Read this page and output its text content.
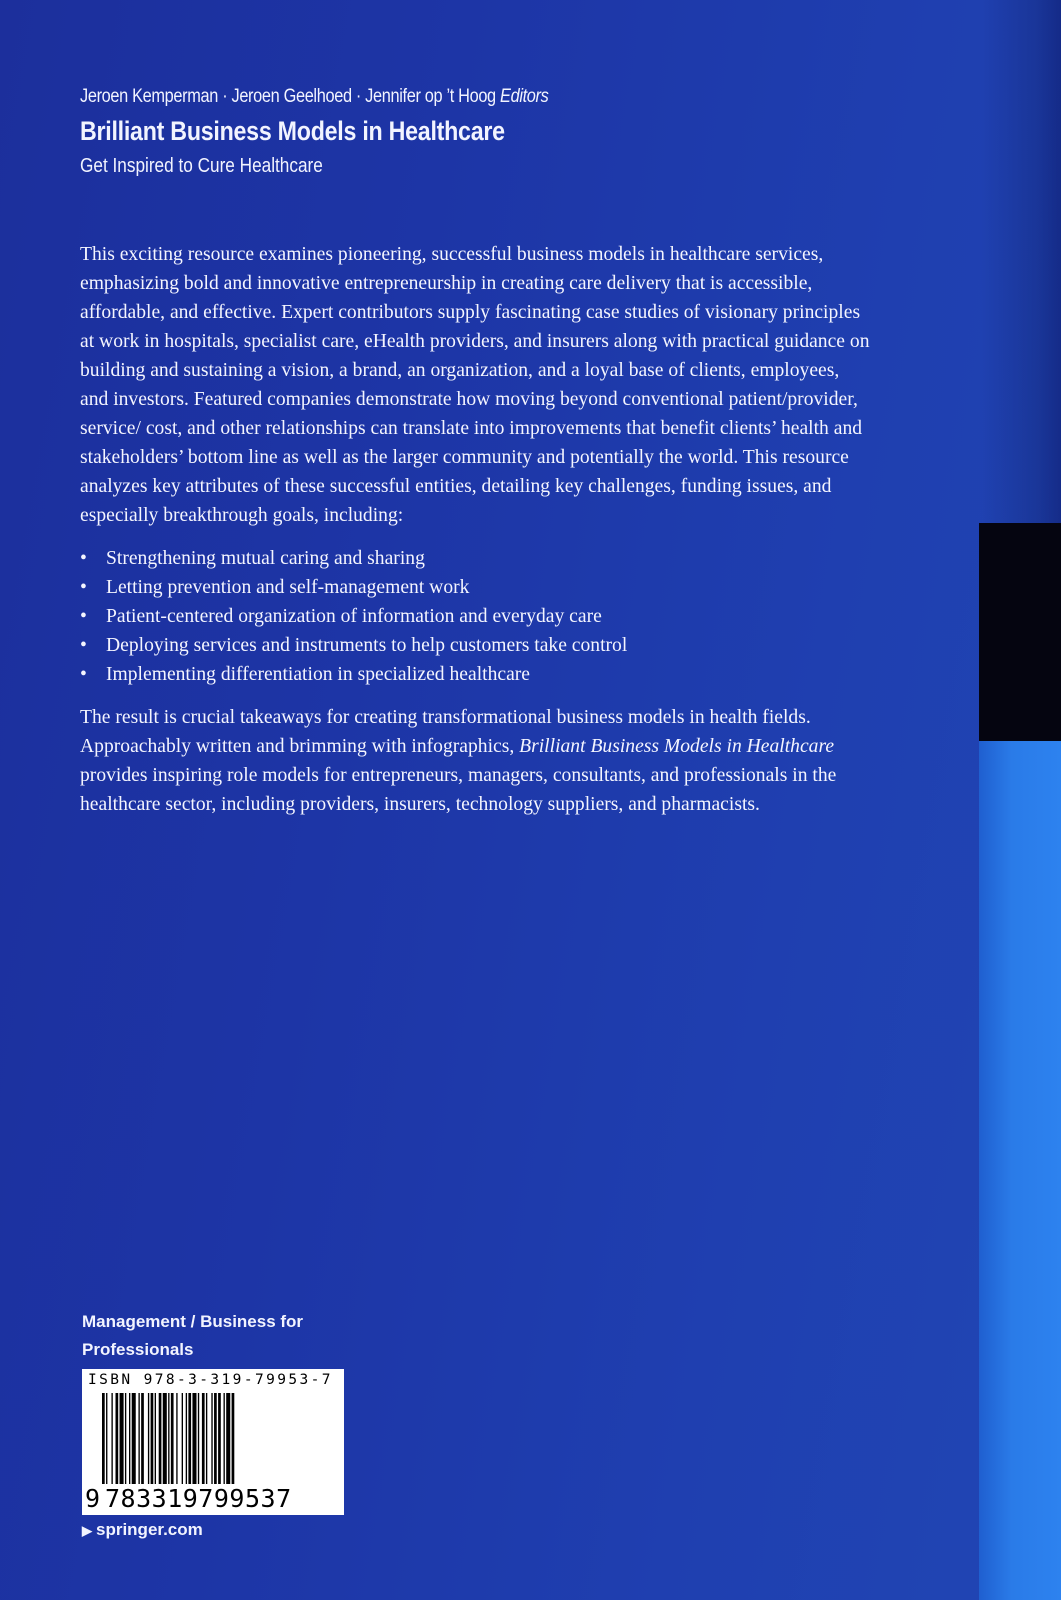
Jeroen Kemperman · Jeroen Geelhoed · Jennifer op ’t Hoog Editors
Brilliant Business Models in Healthcare
Get Inspired to Cure Healthcare

This exciting resource examines pioneering, successful business models in healthcare services, emphasizing bold and innovative entrepreneurship in creating care delivery that is accessible, affordable, and effective. Expert contributors supply fascinating case studies of visionary principles at work in hospitals, specialist care, eHealth providers, and insurers along with practical guidance on building and sustaining a vision, a brand, an organization, and a loyal base of clients, employees, and investors. Featured companies demonstrate how moving beyond conventional patient/provider, service/ cost, and other relationships can translate into improvements that benefit clients’ health and stakeholders’ bottom line as well as the larger community and potentially the world. This resource analyzes key attributes of these successful entities, detailing key challenges, funding issues, and especially breakthrough goals, including:

• Strengthening mutual caring and sharing
• Letting prevention and self-management work
• Patient-centered organization of information and everyday care
• Deploying services and instruments to help customers take control
• Implementing differentiation in specialized healthcare

The result is crucial takeaways for creating transformational business models in health fields. Approachably written and brimming with infographics, Brilliant Business Models in Healthcare provides inspiring role models for entrepreneurs, managers, consultants, and professionals in the healthcare sector, including providers, insurers, technology suppliers, and pharmacists.

Management / Business for Professionals
ISBN 978-3-319-79953-7
9 783319799537
▶ springer.com
